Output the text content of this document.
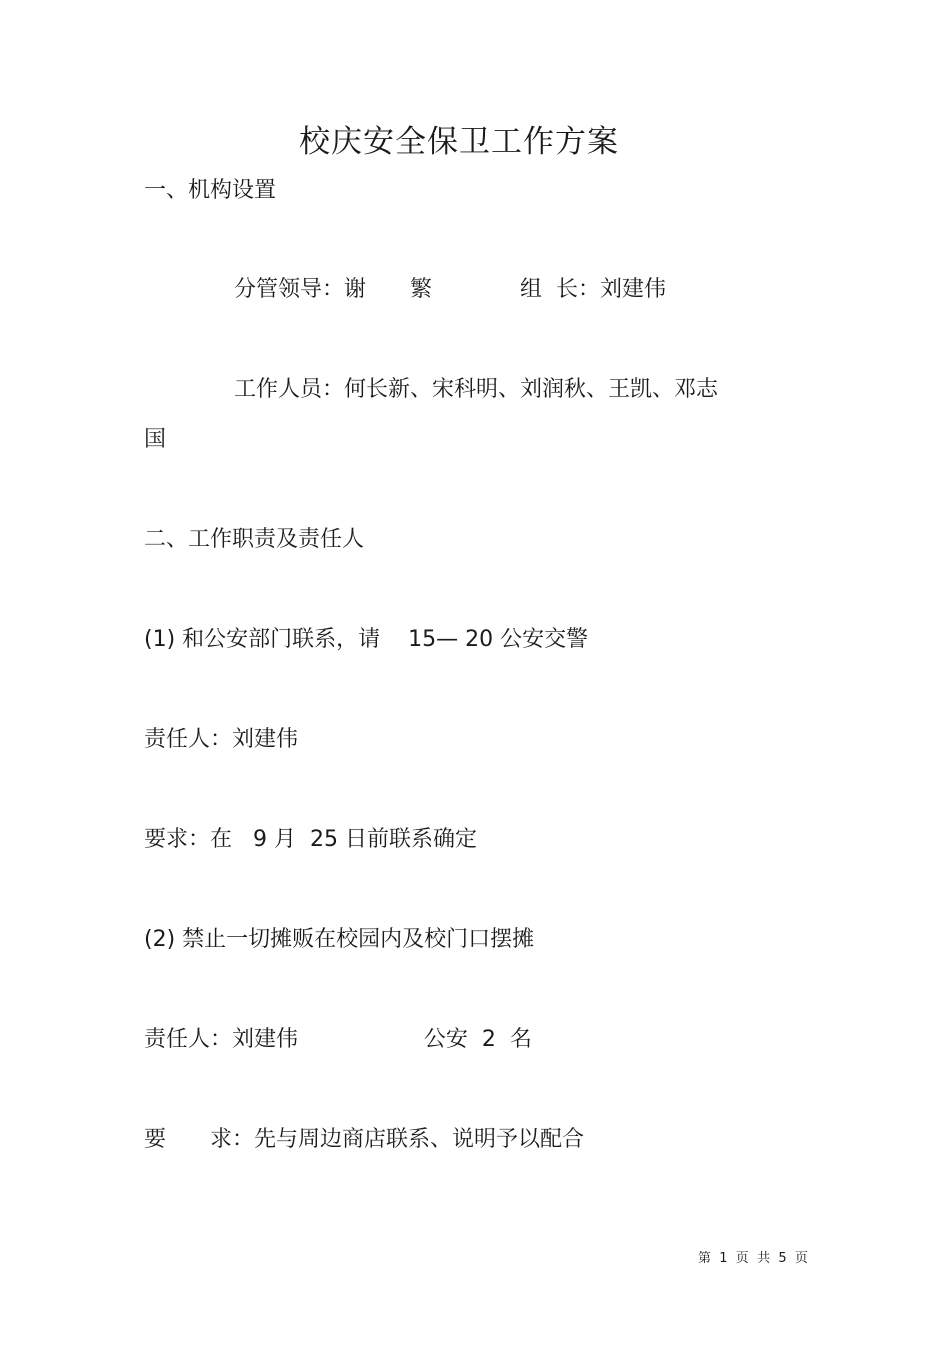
校庆安全保卫工作方案
一、机构设置
分管领导：谢　　繁　　　　组  长：刘建伟
工作人员：何长新、宋科明、刘润秋、王凯、邓志
国
二、工作职责及责任人
(1) 和公安部门联系，请    15— 20 公安交警
责任人：刘建伟
要求：在   9 月  25 日前联系确定
(2) 禁止一切摊贩在校园内及校门口摆摊
责任人：刘建伟                  公安  2  名
要　　求：先与周边商店联系、说明予以配合
第  1  页  共  5  页
